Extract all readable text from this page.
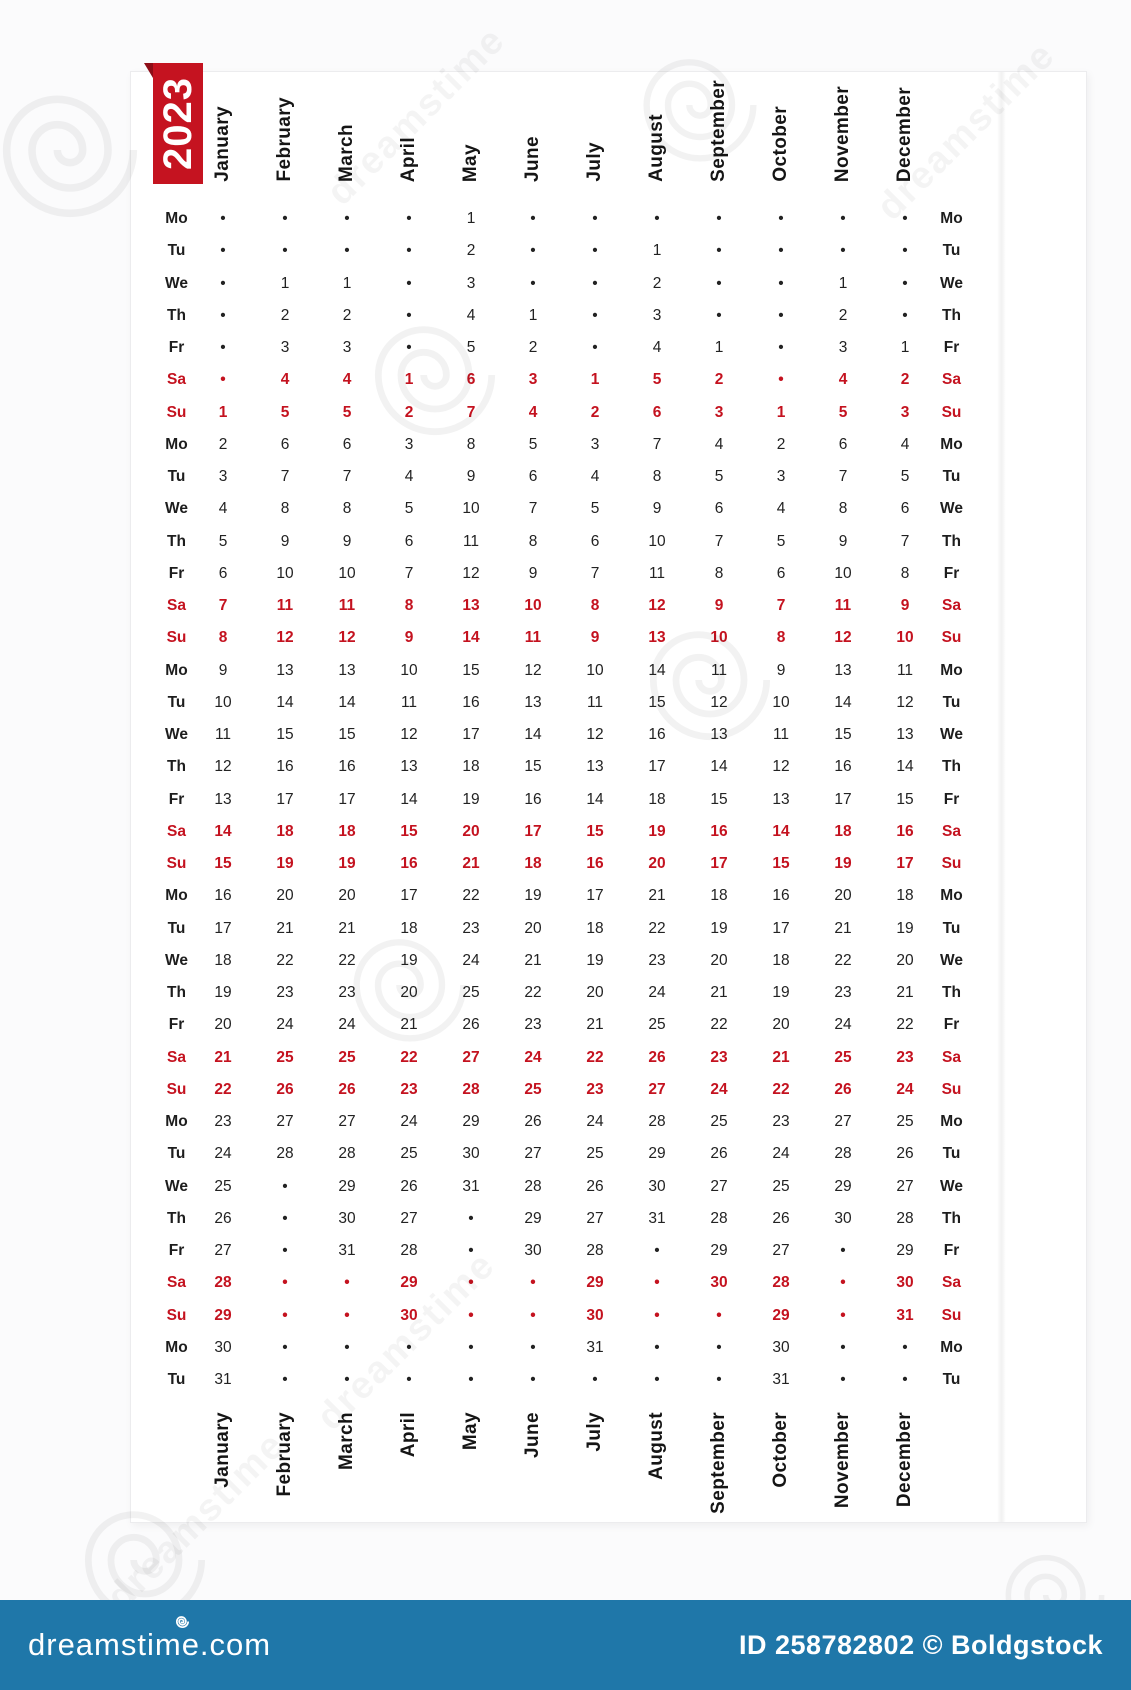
2023 January February March April May June July August September October November December
Mo	•	•	•	•	1	•	•	•	•	•	•	•	Mo
Tu	•	•	•	•	2	•	•	1	•	•	•	•	Tu
We	•	1	1	•	3	•	•	2	•	•	1	•	We
Th	•	2	2	•	4	1	•	3	•	•	2	•	Th
Fr	•	3	3	•	5	2	•	4	1	•	3	1	Fr
Sa	•	4	4	1	6	3	1	5	2	•	4	2	Sa
Su	1	5	5	2	7	4	2	6	3	1	5	3	Su
Mo	2	6	6	3	8	5	3	7	4	2	6	4	Mo
Tu	3	7	7	4	9	6	4	8	5	3	7	5	Tu
We	4	8	8	5	10	7	5	9	6	4	8	6	We
Th	5	9	9	6	11	8	6	10	7	5	9	7	Th
Fr	6	10	10	7	12	9	7	11	8	6	10	8	Fr
Sa	7	11	11	8	13	10	8	12	9	7	11	9	Sa
Su	8	12	12	9	14	11	9	13	10	8	12	10	Su
Mo	9	13	13	10	15	12	10	14	11	9	13	11	Mo
Tu	10	14	14	11	16	13	11	15	12	10	14	12	Tu
We	11	15	15	12	17	14	12	16	13	11	15	13	We
Th	12	16	16	13	18	15	13	17	14	12	16	14	Th
Fr	13	17	17	14	19	16	14	18	15	13	17	15	Fr
Sa	14	18	18	15	20	17	15	19	16	14	18	16	Sa
Su	15	19	19	16	21	18	16	20	17	15	19	17	Su
Mo	16	20	20	17	22	19	17	21	18	16	20	18	Mo
Tu	17	21	21	18	23	20	18	22	19	17	21	19	Tu
We	18	22	22	19	24	21	19	23	20	18	22	20	We
Th	19	23	23	20	25	22	20	24	21	19	23	21	Th
Fr	20	24	24	21	26	23	21	25	22	20	24	22	Fr
Sa	21	25	25	22	27	24	22	26	23	21	25	23	Sa
Su	22	26	26	23	28	25	23	27	24	22	26	24	Su
Mo	23	27	27	24	29	26	24	28	25	23	27	25	Mo
Tu	24	28	28	25	30	27	25	29	26	24	28	26	Tu
We	25	•	29	26	31	28	26	30	27	25	29	27	We
Th	26	•	30	27	•	29	27	31	28	26	30	28	Th
Fr	27	•	31	28	•	30	28	•	29	27	•	29	Fr
Sa	28	•	•	29	•	•	29	•	30	28	•	30	Sa
Su	29	•	•	30	•	•	30	•	•	29	•	31	Su
Mo	30	•	•	•	•	•	31	•	•	30	•	•	Mo
Tu	31	•	•	•	•	•	•	•	•	31	•	•	Tu
January February March April May June July August September October November December
dreamstime.com	ID 258782802 © Boldgstock
